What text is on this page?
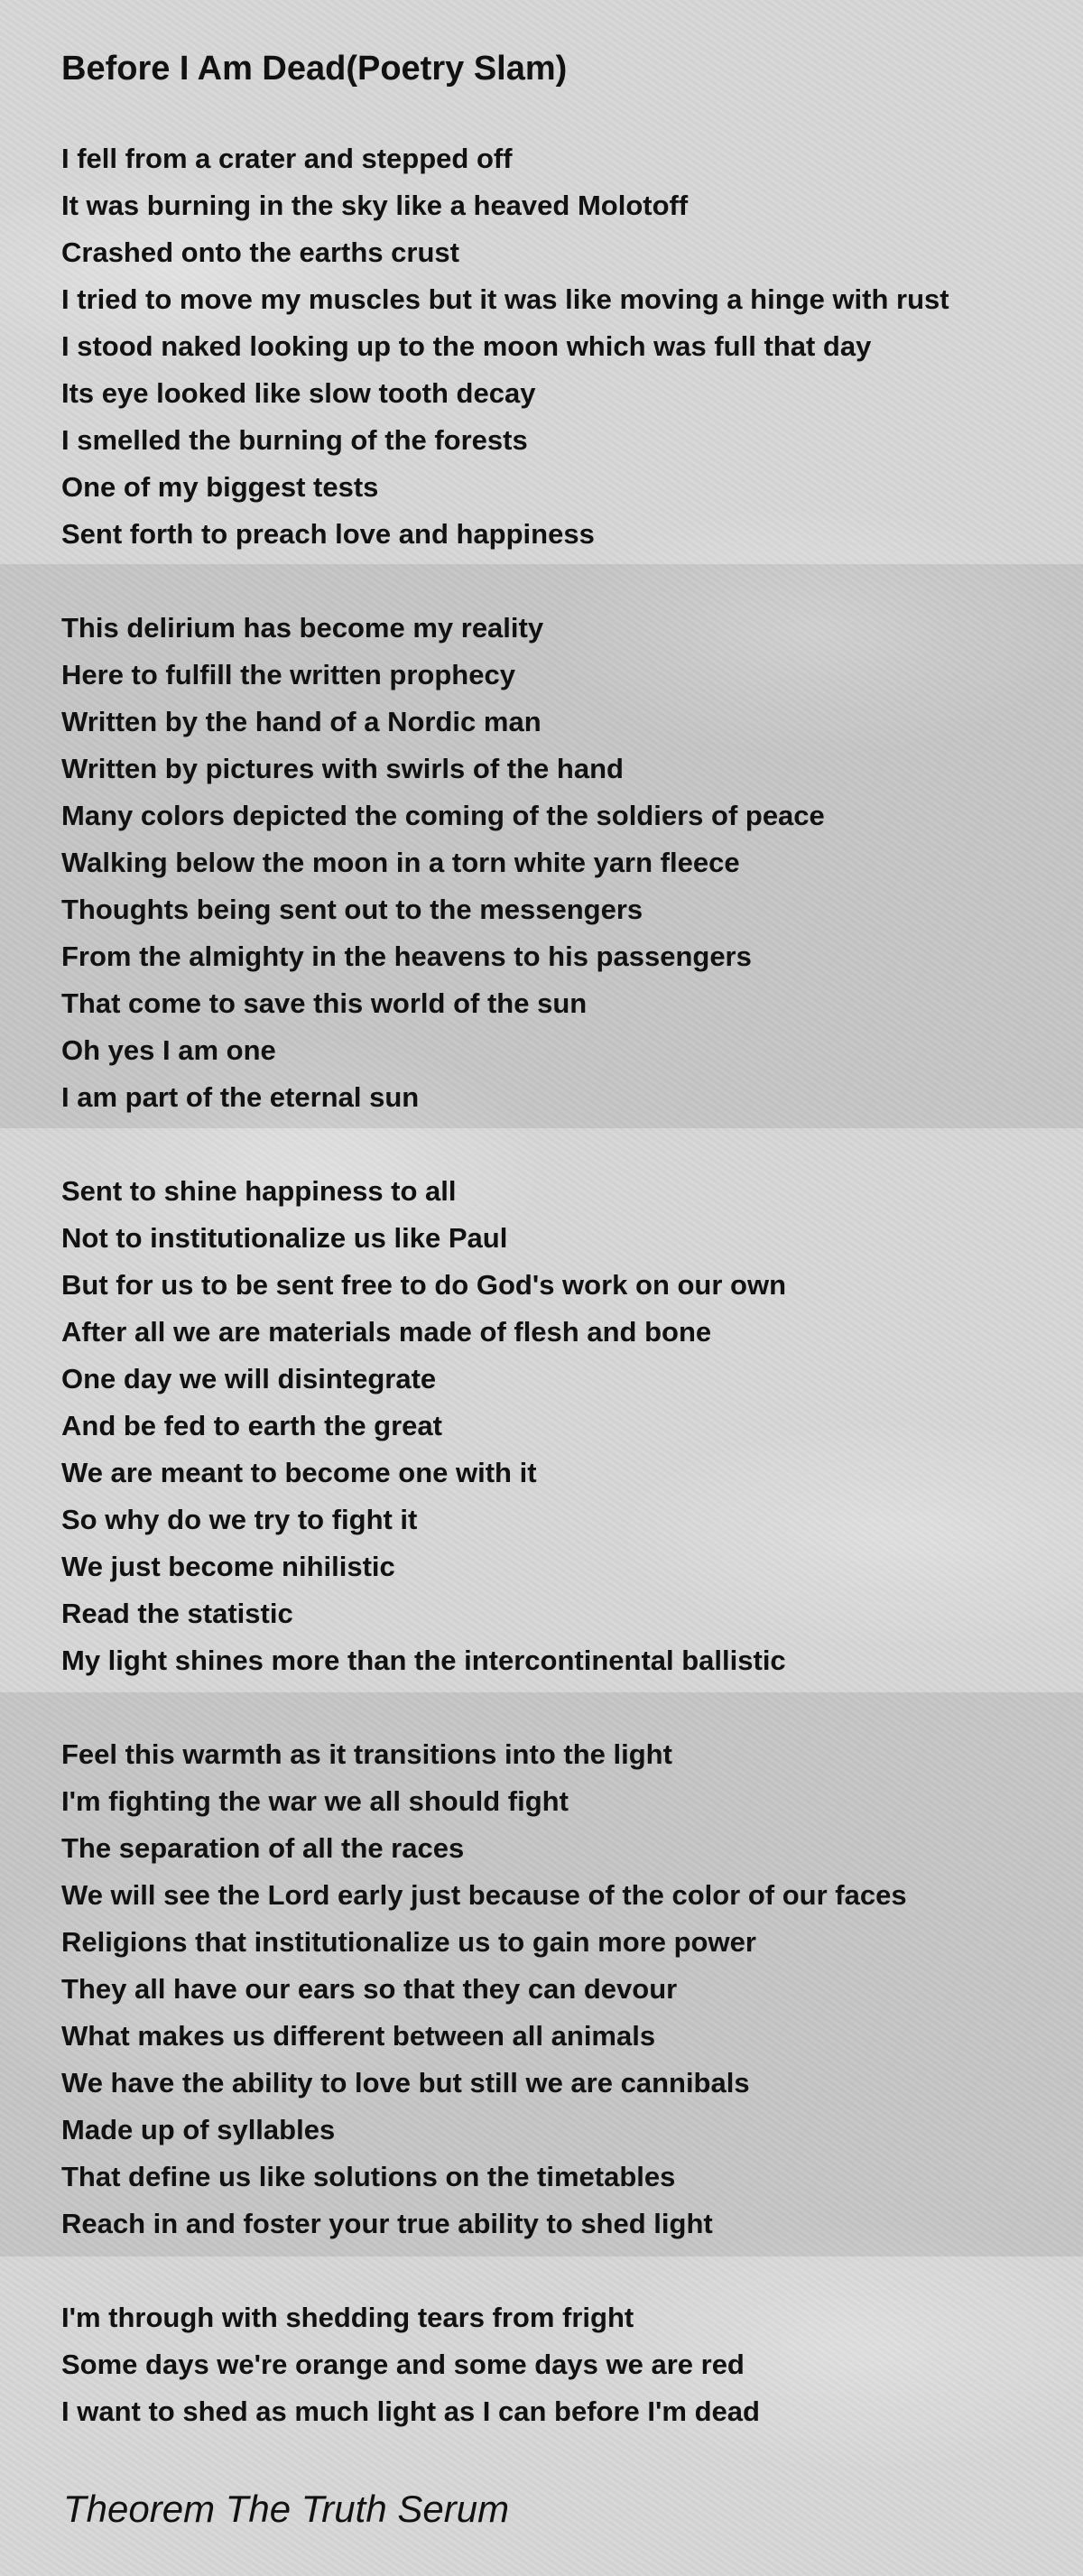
Before I Am Dead(Poetry Slam)
I fell from a crater and stepped off
It was burning in the sky like a heaved Molotoff
Crashed onto the earths crust
I tried to move my muscles but it was like moving a hinge with rust
I stood naked looking up to the moon which was full that day
Its eye looked like slow tooth decay
I smelled the burning of the forests
One of my biggest tests
Sent forth to preach love and happiness
This delirium has become my reality
Here to fulfill the written prophecy
Written by the hand of a Nordic man
Written by pictures with swirls of the hand
Many colors depicted the coming of the soldiers of peace
Walking below the moon in a torn white yarn fleece
Thoughts being sent out to the messengers
From the almighty in the heavens to his passengers
That come to save this world of the sun
Oh yes I am one
I am part of the eternal sun
Sent to shine happiness to all
Not to institutionalize us like Paul
But for us to be sent free to do God's work on our own
After all we are materials made of flesh and bone
One day we will disintegrate
And be fed to earth the great
We are meant to become one with it
So why do we try to fight it
We just become nihilistic
Read the statistic
My light shines more than the intercontinental ballistic
Feel this warmth as it transitions into the light
I'm fighting the war we all should fight
The separation of all the races
We will see the Lord early just because of the color of our faces
Religions that institutionalize us to gain more power
They all have our ears so that they can devour
What makes us different between all animals
We have the ability to love but still we are cannibals
Made up of syllables
That define us like solutions on the timetables
Reach in and foster your true ability to shed light
I'm through with shedding tears from fright
Some days we're orange and some days we are red
I want to shed as much light as I can before I'm dead

Theorem The Truth Serum
